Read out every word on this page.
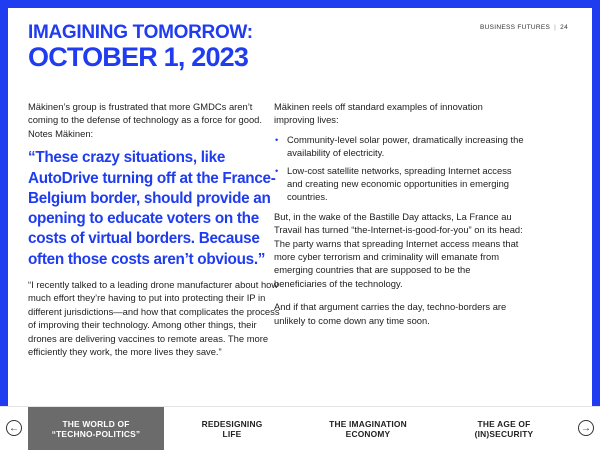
BUSINESS FUTURES | 24
IMAGINING TOMORROW:
OCTOBER 1, 2023

Mäkinen’s group is frustrated that more GMDCs aren’t coming to the defense of technology as a force for good. Notes Mäkinen:

“These crazy situations, like AutoDrive turning off at the France-Belgium border, should provide an opening to educate voters on the costs of virtual borders. Because often those costs aren’t obvious.”

“I recently talked to a leading drone manufacturer about how much effort they’re having to put into protecting their IP in different jurisdictions—and how that complicates the process of improving their technology. Among other things, their drones are delivering vaccines to remote areas. The more efficiently they work, the more lives they save.”

Mäkinen reels off standard examples of innovation improving lives:

• Community-level solar power, dramatically increasing the availability of electricity.
• Low-cost satellite networks, spreading Internet access and creating new economic opportunities in emerging countries.

But, in the wake of the Bastille Day attacks, La France au Travail has turned “the-Internet-is-good-for-you” on its head: The party warns that spreading Internet access means that more cyber terrorism and criminality will emanate from emerging countries that are supposed to be the beneficiaries of the technology.

And if that argument carries the day, techno-borders are unlikely to come down any time soon.

←	THE WORLD OF
“TECHNO-POLITICS”
REDESIGNING
LIFE
THE IMAGINATION
ECONOMY
THE AGE OF
(IN)SECURITY	→
